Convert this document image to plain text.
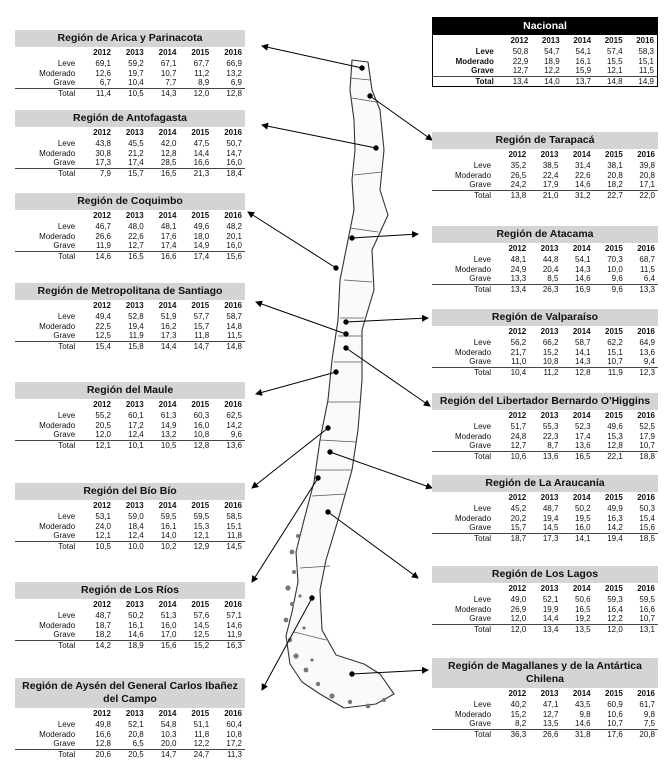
Región de Arica y Parinacota
	2012	2013	2014	2015	2016
Leve	69,1	59,2	67,1	67,7	66,9
Moderado	12,6	19,7	10,7	11,2	13,2
Grave	6,7	10,4	7,7	8,9	6,9
Total	11,4	10,5	14,3	12,0	12,8
Región de Antofagasta
	2012	2013	2014	2015	2016
Leve	43,8	45,5	42,0	47,5	50,7
Moderado	30,8	21,2	12,8	14,4	14,7
Grave	17,3	17,4	28,5	16,6	16,0
Total	7,9	15,7	16,5	21,3	18,4
Región de Coquimbo
	2012	2013	2014	2015	2016
Leve	46,7	48,0	48,1	49,6	48,2
Moderado	26,6	22,6	17,6	18,0	20,1
Grave	11,9	12,7	17,4	14,9	16,0
Total	14,6	16,5	16,6	17,4	15,6
Región de Metropolitana de Santiago
	2012	2013	2014	2015	2016
Leve	49,4	52,8	51,9	57,7	58,7
Moderado	22,5	19,4	16,2	15,7	14,8
Grave	12,5	11,9	17,3	11,8	11,5
Total	15,4	15,8	14,4	14,7	14,8
Región del Maule
	2012	2013	2014	2015	2016
Leve	55,2	60,1	61,3	60,3	62,5
Moderado	20,5	17,2	14,9	16,0	14,2
Grave	12,0	12,4	13,2	10,8	9,6
Total	12,1	10,1	10,5	12,8	13,6
Región del Bío Bío
	2012	2013	2014	2015	2016
Leve	53,1	59,0	59,5	59,5	58,5
Moderado	24,0	18,4	16,1	15,3	15,1
Grave	12,1	12,4	14,0	12,1	11,8
Total	10,5	10,0	10,2	12,9	14,5
Región de Los Ríos
	2012	2013	2014	2015	2016
Leve	48,7	50,2	51,3	57,6	57,1
Moderado	18,7	16,1	16,0	14,5	14,6
Grave	18,2	14,6	17,0	12,5	11,9
Total	14,2	18,9	15,6	15,2	16,3
Región de Aysén del General Carlos Ibañez del Campo
	2012	2013	2014	2015	2016
Leve	49,8	52,1	54,8	51,1	60,4
Moderado	16,6	20,8	10,3	11,8	10,8
Grave	12,8	6,5	20,0	12,2	17,2
Total	20,6	20,5	14,7	24,7	11,3
Nacional
	2012	2013	2014	2015	2016
Leve	50,8	54,7	54,1	57,4	58,3
Moderado	22,9	18,9	16,1	15,5	15,1
Grave	12,7	12,2	15,9	12,1	11,5
Total	13,4	14,0	13,7	14,8	14,9
Región de Tarapacá
	2012	2013	2014	2015	2016
Leve	35,2	38,5	31,4	38,1	39,8
Moderado	26,5	22,4	22,6	20,8	20,8
Grave	24,2	17,9	14,6	18,2	17,1
Total	13,8	21,0	31,2	22,7	22,0
Región de Atacama
	2012	2013	2014	2015	2016
Leve	48,1	44,8	54,1	70,3	68,7
Moderado	24,9	20,4	14,3	10,0	11,5
Grave	13,3	8,5	14,6	9,6	6,4
Total	13,4	26,3	16,9	9,6	13,3
Región de Valparaíso
	2012	2013	2014	2015	2016
Leve	56,2	66,2	58,7	62,2	64,9
Moderado	21,7	15,2	14,1	15,1	13,6
Grave	11,0	10,8	14,3	10,7	9,4
Total	10,4	11,2	12,8	11,9	12,3
Región del Libertador Bernardo O'Higgins
	2012	2013	2014	2015	2016
Leve	51,7	55,3	52,3	49,6	52,5
Moderado	24,8	22,3	17,4	15,3	17,9
Grave	12,7	8,7	13,6	12,8	10,7
Total	10,6	13,6	16,5	22,1	18,8
Región de La Araucanía
	2012	2013	2014	2015	2016
Leve	45,2	48,7	50,2	49,9	50,3
Moderado	20,2	19,4	19,5	16,3	15,4
Grave	15,7	14,5	16,0	14,2	15,6
Total	18,7	17,3	14,1	19,4	18,5
Región de Los Lagos
	2012	2013	2014	2015	2016
Leve	49,0	52,1	50,6	59,3	59,5
Moderado	26,9	19,9	16,5	16,4	16,6
Grave	12,0	14,4	19,2	12,2	10,7
Total	12,0	13,4	13,5	12,0	13,1
Región de Magallanes y de la Antártica Chilena
	2012	2013	2014	2015	2016
Leve	40,2	47,1	43,5	60,9	61,7
Moderado	15,2	12,7	9,8	10,6	9,8
Grave	8,2	13,5	14,6	10,7	7,5
Total	36,3	26,6	31,8	17,6	20,8
